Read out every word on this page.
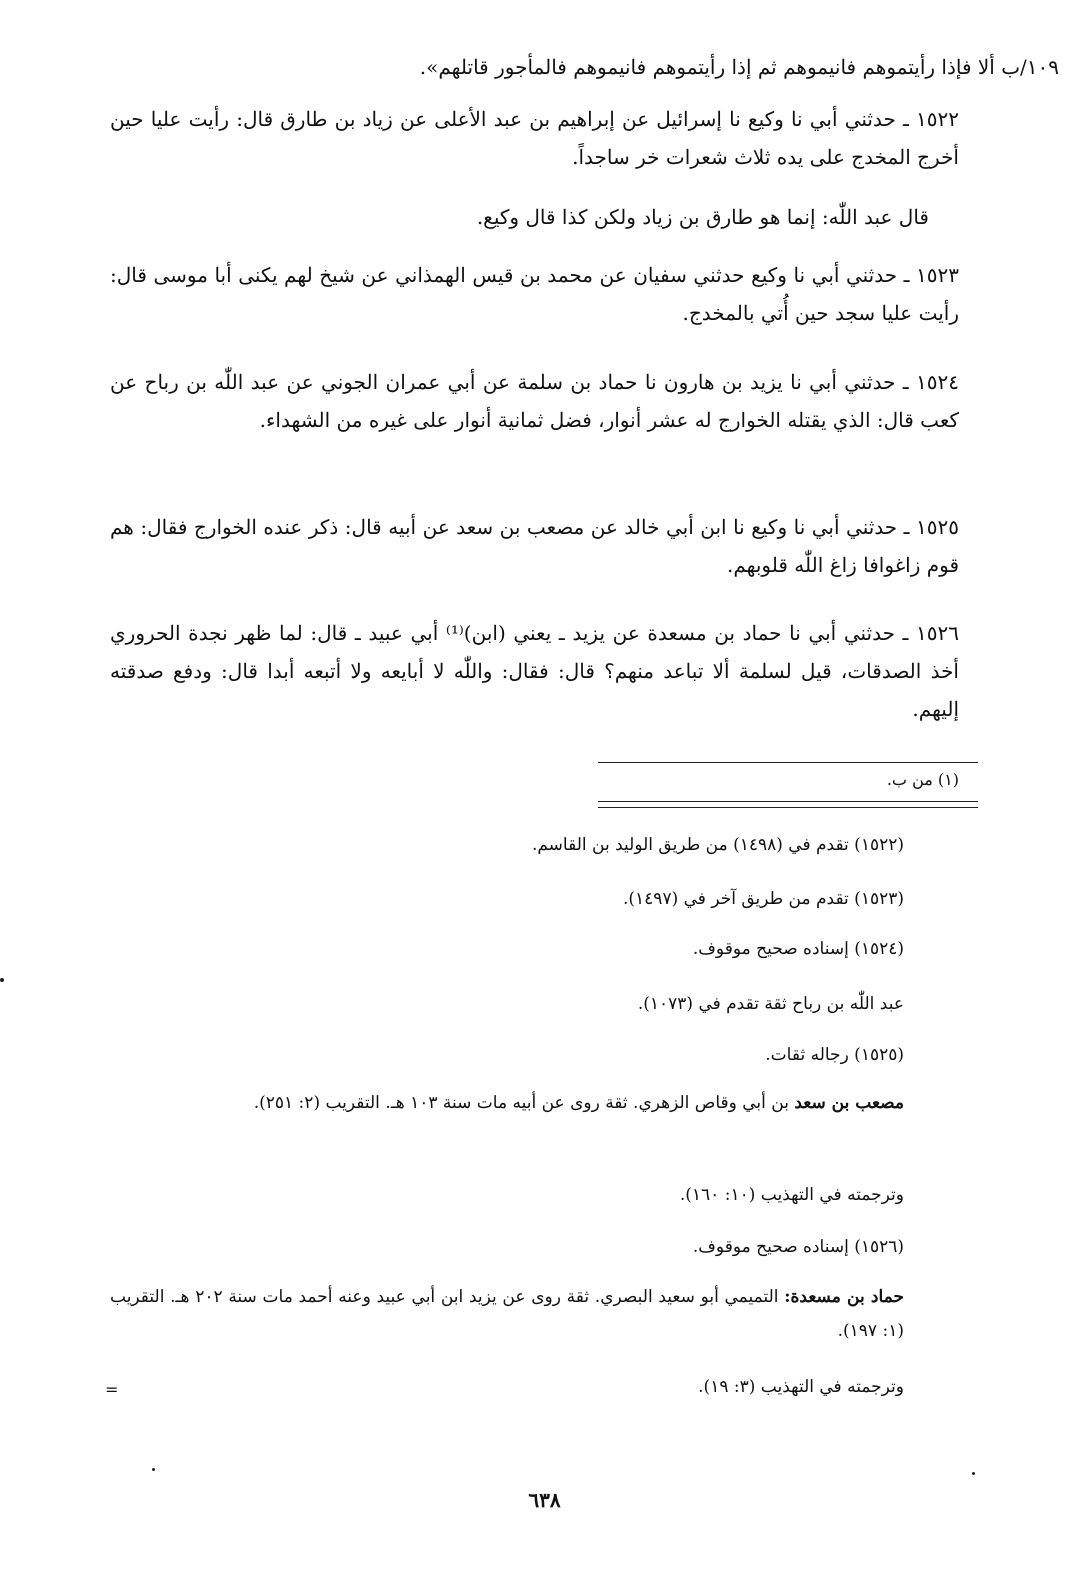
١٠٩/ب ألا فإذا رأيتموهم فانيموهم ثم إذا رأيتموهم فانيموهم فالمأجور قاتلهم».
١٥٢٢ ـ حدثني أبي نا وكيع نا إسرائيل عن إبراهيم بن عبد الأعلى عن زياد بن طارق قال: رأيت عليا حين أخرج المخدج على يده ثلاث شعرات خر ساجداً.
قال عبد اللّٰه: إنما هو طارق بن زياد ولكن كذا قال وكيع.
١٥٢٣ ـ حدثني أبي نا وكيع حدثني سفيان عن محمد بن قيس الهمذاني عن شيخ لهم يكنى أبا موسى قال: رأيت عليا سجد حين أُتي بالمخدج.
١٥٢٤ ـ حدثني أبي نا يزيد بن هارون نا حماد بن سلمة عن أبي عمران الجوني عن عبد اللّٰه بن رباح عن كعب قال: الذي يقتله الخوارج له عشر أنوار، فضل ثمانية أنوار على غيره من الشهداء.
١٥٢٥ ـ حدثني أبي نا وكيع نا ابن أبي خالد عن مصعب بن سعد عن أبيه قال: ذكر عنده الخوارج فقال: هم قوم زاغوافا زاغ اللّٰه قلوبهم.
١٥٢٦ ـ حدثني أبي نا حماد بن مسعدة عن يزيد ـ يعني (ابن)⁽¹⁾ أبي عبيد ـ قال: لما ظهر نجدة الحروري أخذ الصدقات، قيل لسلمة ألا تباعد منهم؟ قال: فقال: واللّٰه لا أبايعه ولا أتبعه أبدا قال: ودفع صدقته إليهم.
(١) من ب.
(١٥٢٢) تقدم في (١٤٩٨) من طريق الوليد بن القاسم.
(١٥٢٣) تقدم من طريق آخر في (١٤٩٧).
(١٥٢٤) إسناده صحيح موقوف.
عبد اللّٰه بن رباح ثقة تقدم في (١٠٧٣).
(١٥٢٥) رجاله ثقات.
مصعب بن سعد بن أبي وقاص الزهري. ثقة روى عن أبيه مات سنة ١٠٣ هـ. التقريب (٢: ٢٥١).
وترجمته في التهذيب (١٠: ١٦٠).
(١٥٢٦) إسناده صحيح موقوف.
حماد بن مسعدة: التميمي أبو سعيد البصري. ثقة روى عن يزيد ابن أبي عبيد وعنه أحمد مات سنة ٢٠٢ هـ. التقريب (١: ١٩٧).
وترجمته في التهذيب (٣: ١٩).
=
٦٣٨
